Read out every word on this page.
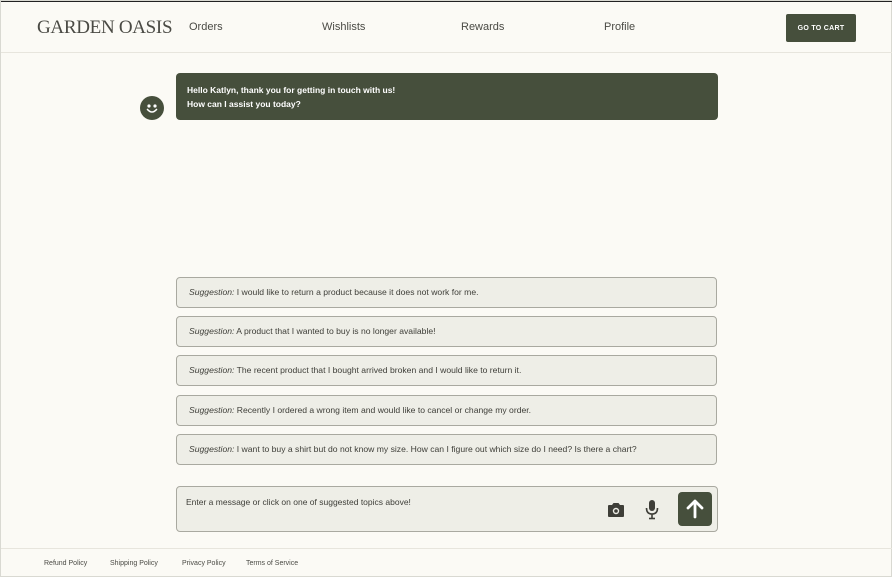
GARDEN OASIS Orders	Wishlists	Rewards	Profile	GO TO CART
Hello Katlyn, thank you for getting in touch with us!
How can I assist you today?
Suggestion: I would like to return a product because it does not work for me.
Suggestion: A product that I wanted to buy is no longer available!
Suggestion: The recent product that I bought arrived broken and I would like to return it.
Suggestion: Recently I ordered a wrong item and would like to cancel or change my order.
Suggestion: I want to buy a shirt but do not know my size. How can I figure out which size do I need? Is there a chart?
Enter a message or click on one of suggested topics above!
Refund Policy	Shipping Policy	Privacy Policy	Terms of Service
